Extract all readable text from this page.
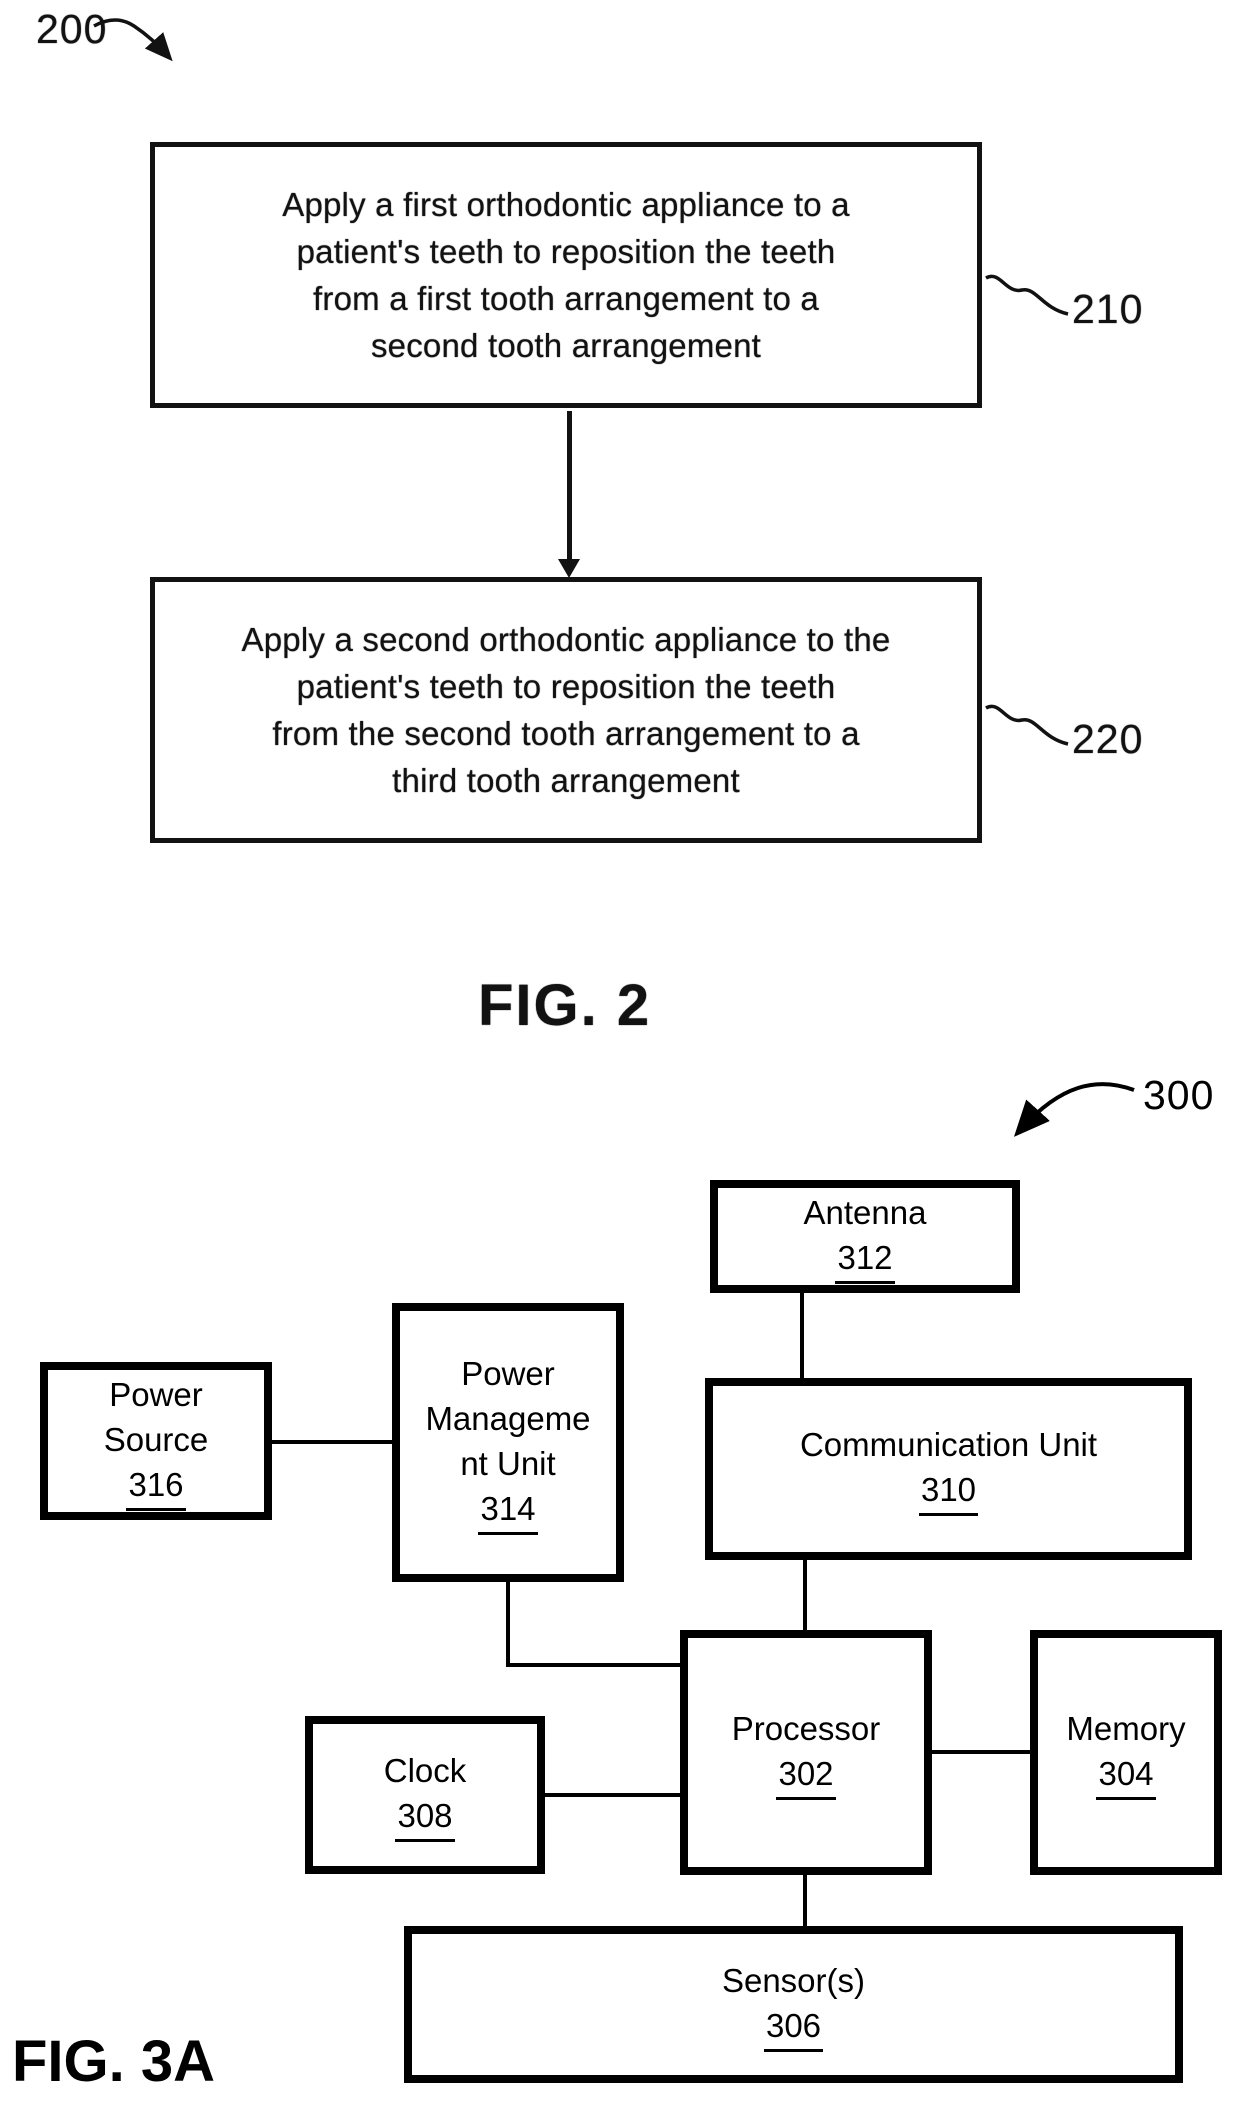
200
Apply a first orthodontic appliance to a
patient's teeth to reposition the teeth
from a first tooth arrangement to a
second tooth arrangement
210
Apply a second orthodontic appliance to the
patient's teeth to reposition the teeth
from the second tooth arrangement to a
third tooth arrangement
220
FIG. 2
300
Antenna
312
Communication Unit
310
Power
Source
316
Power
Manageme
nt Unit
314
Clock
308
Processor
302
Memory
304
Sensor(s)
306
FIG. 3A
